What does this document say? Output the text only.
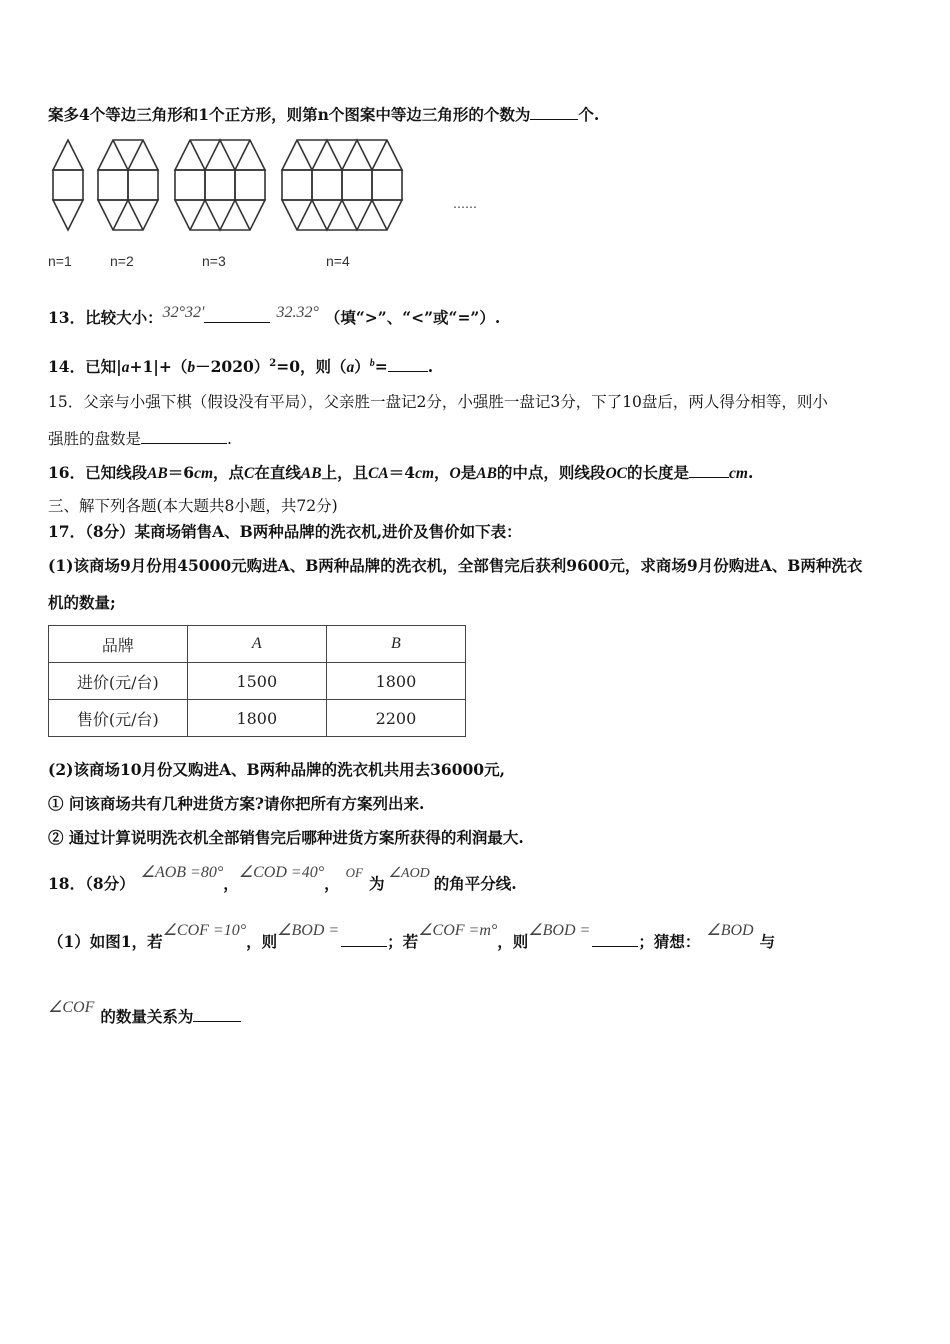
案多4个等边三角形和1个正方形，则第n个图案中等边三角形的个数为	个.
……
n=1	n=2	n=3	n=4
13．比较大小：32°32′	32.32° （填“>”、“<”或“=”）.
14．已知$|a+1|+(b-2020)^2=0$，则$(a)^b=$	.
15．父亲与小强下棋（假设没有平局），父亲胜一盘记2分，小强胜一盘记3分，下了10盘后，两人得分相等，则小
强胜的盘数是	.
16．已知线段AB＝6cm，点C在直线AB上，且CA＝4cm，O是AB的中点，则线段OC的长度是	cm.
三、解下列各题(本大题共8小题，共72分)
17．（8分）某商场销售A、B两种品牌的洗衣机,进价及售价如下表：
(1)该商场9月份用45000元购进A、B两种品牌的洗衣机，全部售完后获利9600元，求商场9月份购进A、B两种洗衣
机的数量;
品牌	A	B
进价(元/台)	1500	1800
售价(元/台)	1800	2200
(2)该商场10月份又购进A、B两种品牌的洗衣机共用去36000元,
① 问该商场共有几种进货方案?请你把所有方案列出来.
② 通过计算说明洗衣机全部销售完后哪种进货方案所获得的利润最大.
18．（8分）∠AOB =80°，∠COD =40°，$^{OF}$为∠AOD的角平分线.
（1）如图1，若∠COF =10°，则∠BOD =；若∠COF =m°，则∠BOD =；猜想：∠BOD与
∠COF 的数量关系为
